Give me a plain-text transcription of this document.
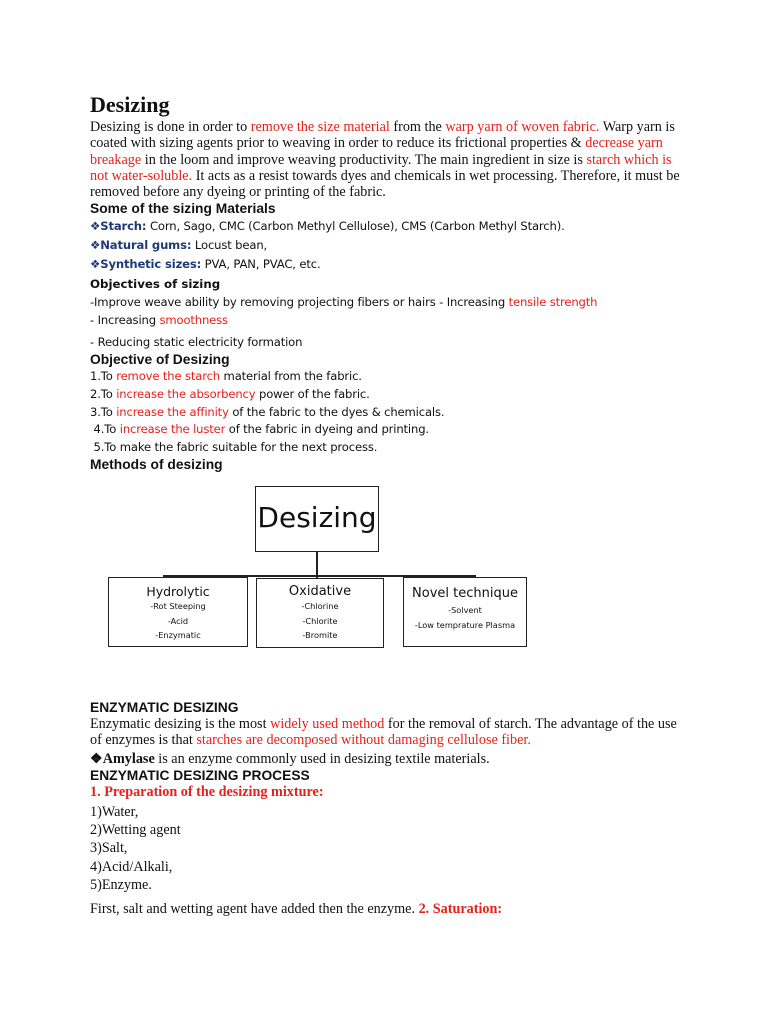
Desizing
Desizing is done in order to remove the size material from the warp yarn of woven fabric. Warp yarn is coated with sizing agents prior to weaving in order to reduce its frictional properties & decrease yarn breakage in the loom and improve weaving productivity. The main ingredient in size is starch which is not water-soluble. It acts as a resist towards dyes and chemicals in wet processing. Therefore, it must be removed before any dyeing or printing of the fabric.
Some of the sizing Materials
❖Starch: Corn, Sago, CMC (Carbon Methyl Cellulose), CMS (Carbon Methyl Starch).
❖Natural gums: Locust bean,
❖Synthetic sizes: PVA, PAN, PVAC, etc.
Objectives of sizing
-Improve weave ability by removing projecting fibers or hairs - Increasing tensile strength
- Increasing smoothness
- Reducing static electricity formation
Objective of Desizing
1.To remove the starch material from the fabric.
2.To increase the absorbency power of the fabric.
3.To increase the affinity of the fabric to the dyes & chemicals.
4.To increase the luster of the fabric in dyeing and printing.
5.To make the fabric suitable for the next process.
Methods of desizing
Desizing
Hydrolytic
-Rot Steeping
-Acid
-Enzymatic
Oxidative
-Chlorine
-Chlorite
-Bromite
Novel technique
-Solvent
-Low temprature Plasma
ENZYMATIC DESIZING
Enzymatic desizing is the most widely used method for the removal of starch. The advantage of the use of enzymes is that starches are decomposed without damaging cellulose fiber.
❖Amylase is an enzyme commonly used in desizing textile materials.
ENZYMATIC DESIZING PROCESS
1. Preparation of the desizing mixture:
1)Water,
2)Wetting agent
3)Salt,
4)Acid/Alkali,
5)Enzyme.
First, salt and wetting agent have added then the enzyme. 2. Saturation:
